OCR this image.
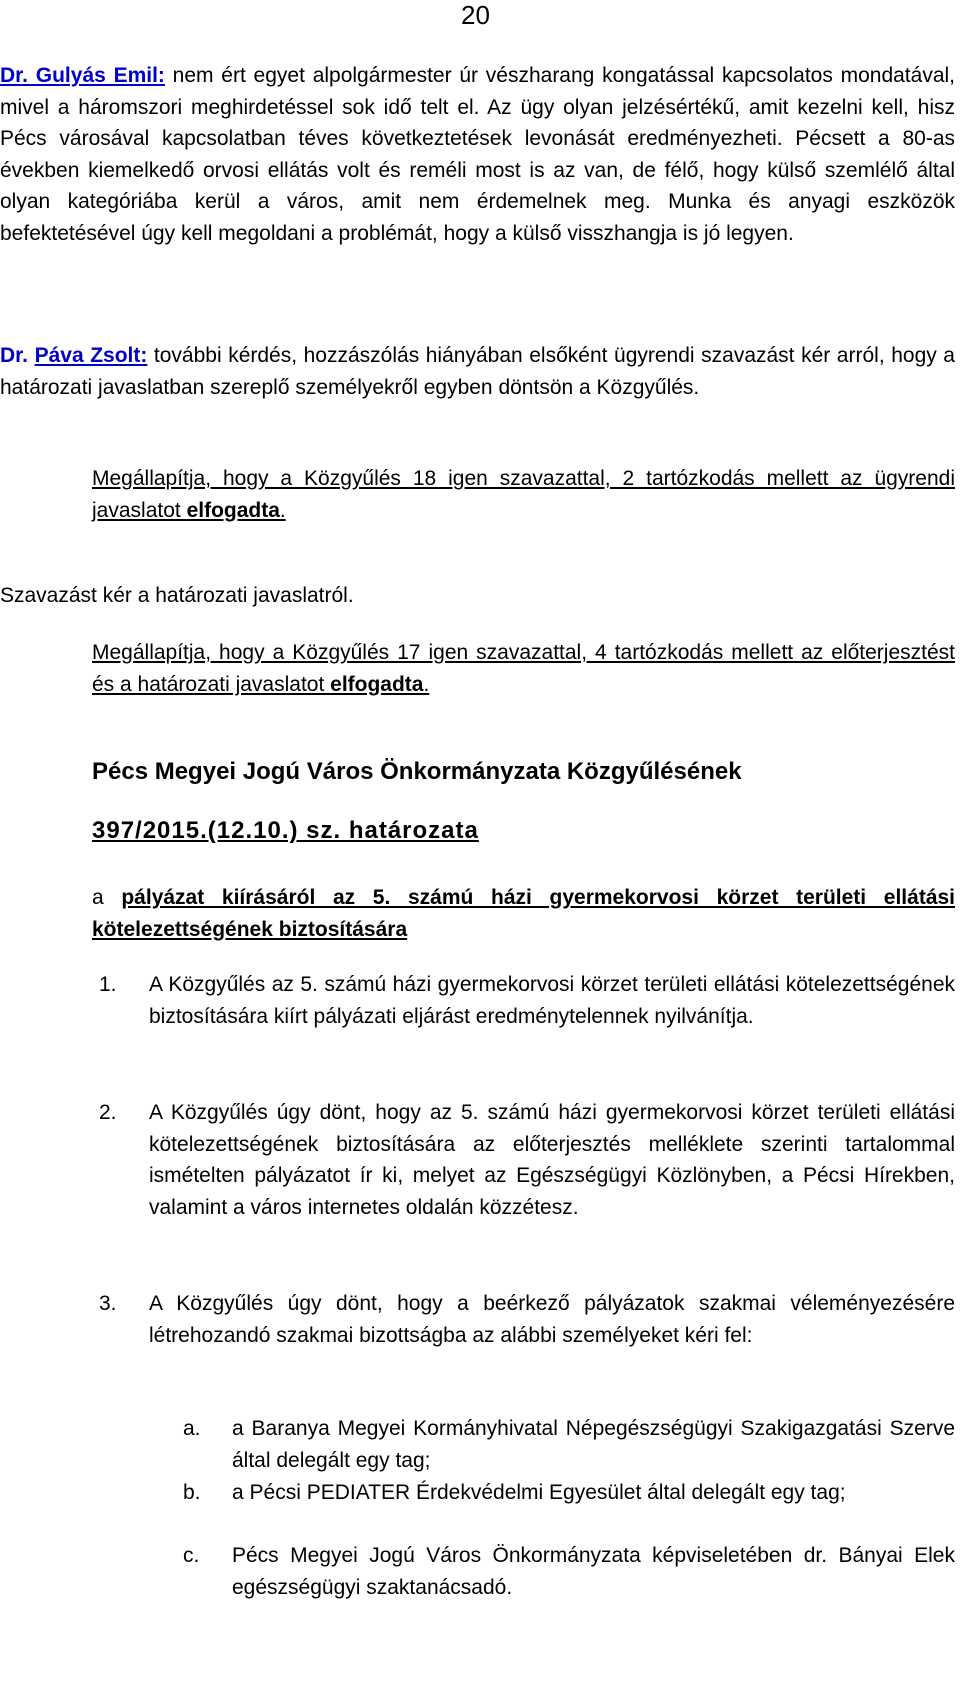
20

Dr. Gulyás Emil: nem ért egyet alpolgármester úr vészharang kongatással kapcsolatos mondatával, mivel a háromszori meghirdetéssel sok idő telt el. Az ügy olyan jelzésértékű, amit kezelni kell, hisz Pécs városával kapcsolatban téves következtetések levonását eredményezheti. Pécsett a 80-as években kiemelkedő orvosi ellátás volt és reméli most is az van, de félő, hogy külső szemlélő által olyan kategóriába kerül a város, amit nem érdemelnek meg. Munka és anyagi eszközök befektetésével úgy kell megoldani a problémát, hogy a külső visszhangja is jó legyen.

Dr. Páva Zsolt: további kérdés, hozzászólás hiányában elsőként ügyrendi szavazást kér arról, hogy a határozati javaslatban szereplő személyekről egyben döntsön a Közgyűlés.

Megállapítja, hogy a Közgyűlés 18 igen szavazattal, 2 tartózkodás mellett az ügyrendi javaslatot elfogadta.

Szavazást kér a határozati javaslatról.

Megállapítja, hogy a Közgyűlés 17 igen szavazattal, 4 tartózkodás mellett az előterjesztést és a határozati javaslatot elfogadta.

Pécs Megyei Jogú Város Önkormányzata Közgyűlésének

397/2015.(12.10.) sz. határozata

a pályázat kiírásáról az 5. számú házi gyermekorvosi körzet területi ellátási kötelezettségének biztosítására

1. A Közgyűlés az 5. számú házi gyermekorvosi körzet területi ellátási kötelezettségének biztosítására kiírt pályázati eljárást eredménytelennek nyilvánítja.

2. A Közgyűlés úgy dönt, hogy az 5. számú házi gyermekorvosi körzet területi ellátási kötelezettségének biztosítására az előterjesztés melléklete szerinti tartalommal ismételten pályázatot ír ki, melyet az Egészségügyi Közlönyben, a Pécsi Hírekben, valamint a város internetes oldalán közzétesz.

3. A Közgyűlés úgy dönt, hogy a beérkező pályázatok szakmai véleményezésére létrehozandó szakmai bizottságba az alábbi személyeket kéri fel:

a. a Baranya Megyei Kormányhivatal Népegészségügyi Szakigazgatási Szerve által delegált egy tag;

b. a Pécsi PEDIATER Érdekvédelmi Egyesület által delegált egy tag;

c. Pécs Megyei Jogú Város Önkormányzata képviseletében dr. Bányai Elek egészségügyi szaktanácsadó.
